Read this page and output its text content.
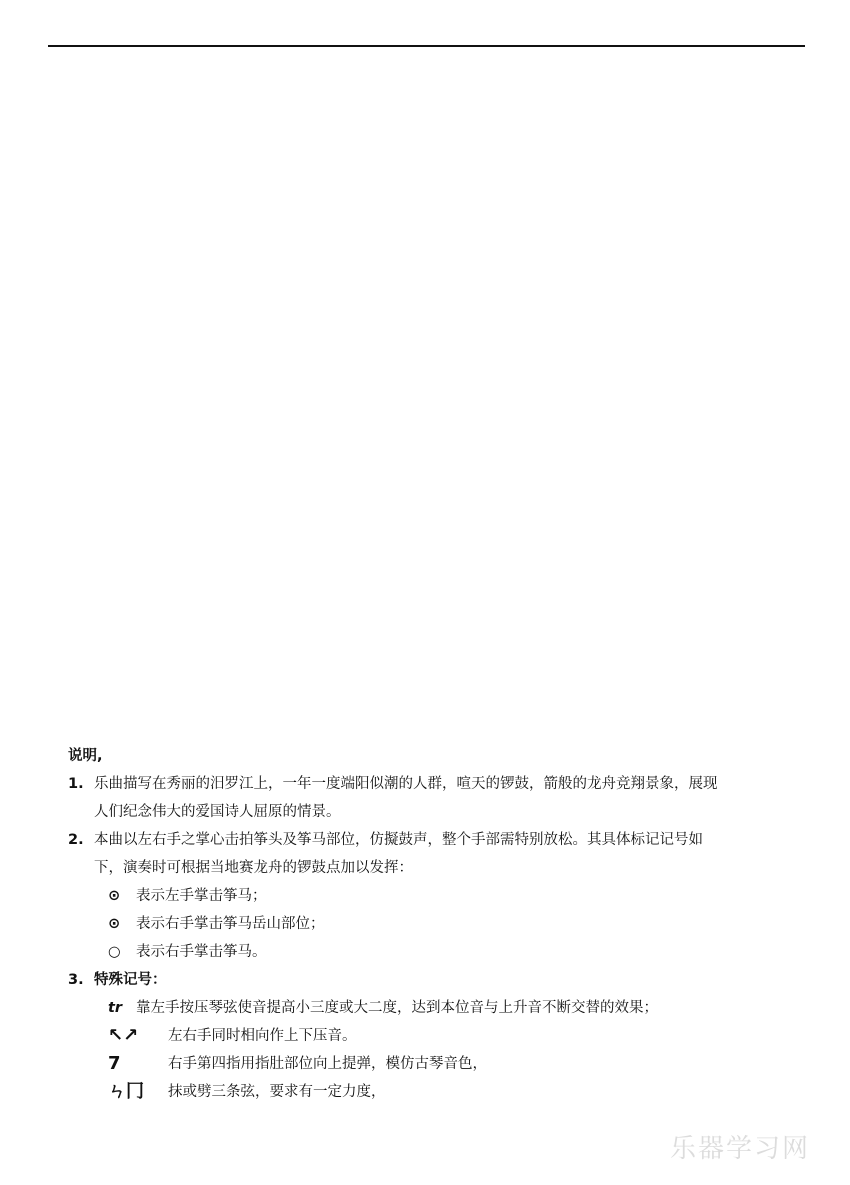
说明,
1. 乐曲描写在秀丽的汨罗江上，一年一度端阳似潮的人群，喧天的锣鼓，箭般的龙舟竞翔景象，展现
人们纪念伟大的爱国诗人屈原的情景。
2. 本曲以左右手之掌心击拍筝头及筝马部位，仿擬鼓声，整个手部需特别放松。其具体标记记号如
下，演奏时可根据当地赛龙舟的锣鼓点加以发挥：
⊙ 表示左手掌击筝马；
⊙ 表示右手掌击筝马岳山部位；
○ 表示右手掌击筝马。
3. 特殊记号：
tr 靠左手按压琴弦使音提高小三度或大二度，达到本位音与上升音不断交替的效果；
↖↗	左右手同时相向作上下压音。
7	右手第四指用指肚部位向上提弹，模仿古琴音色，
ㄣ冂	抹或劈三条弦，要求有一定力度，
乐器学习网
